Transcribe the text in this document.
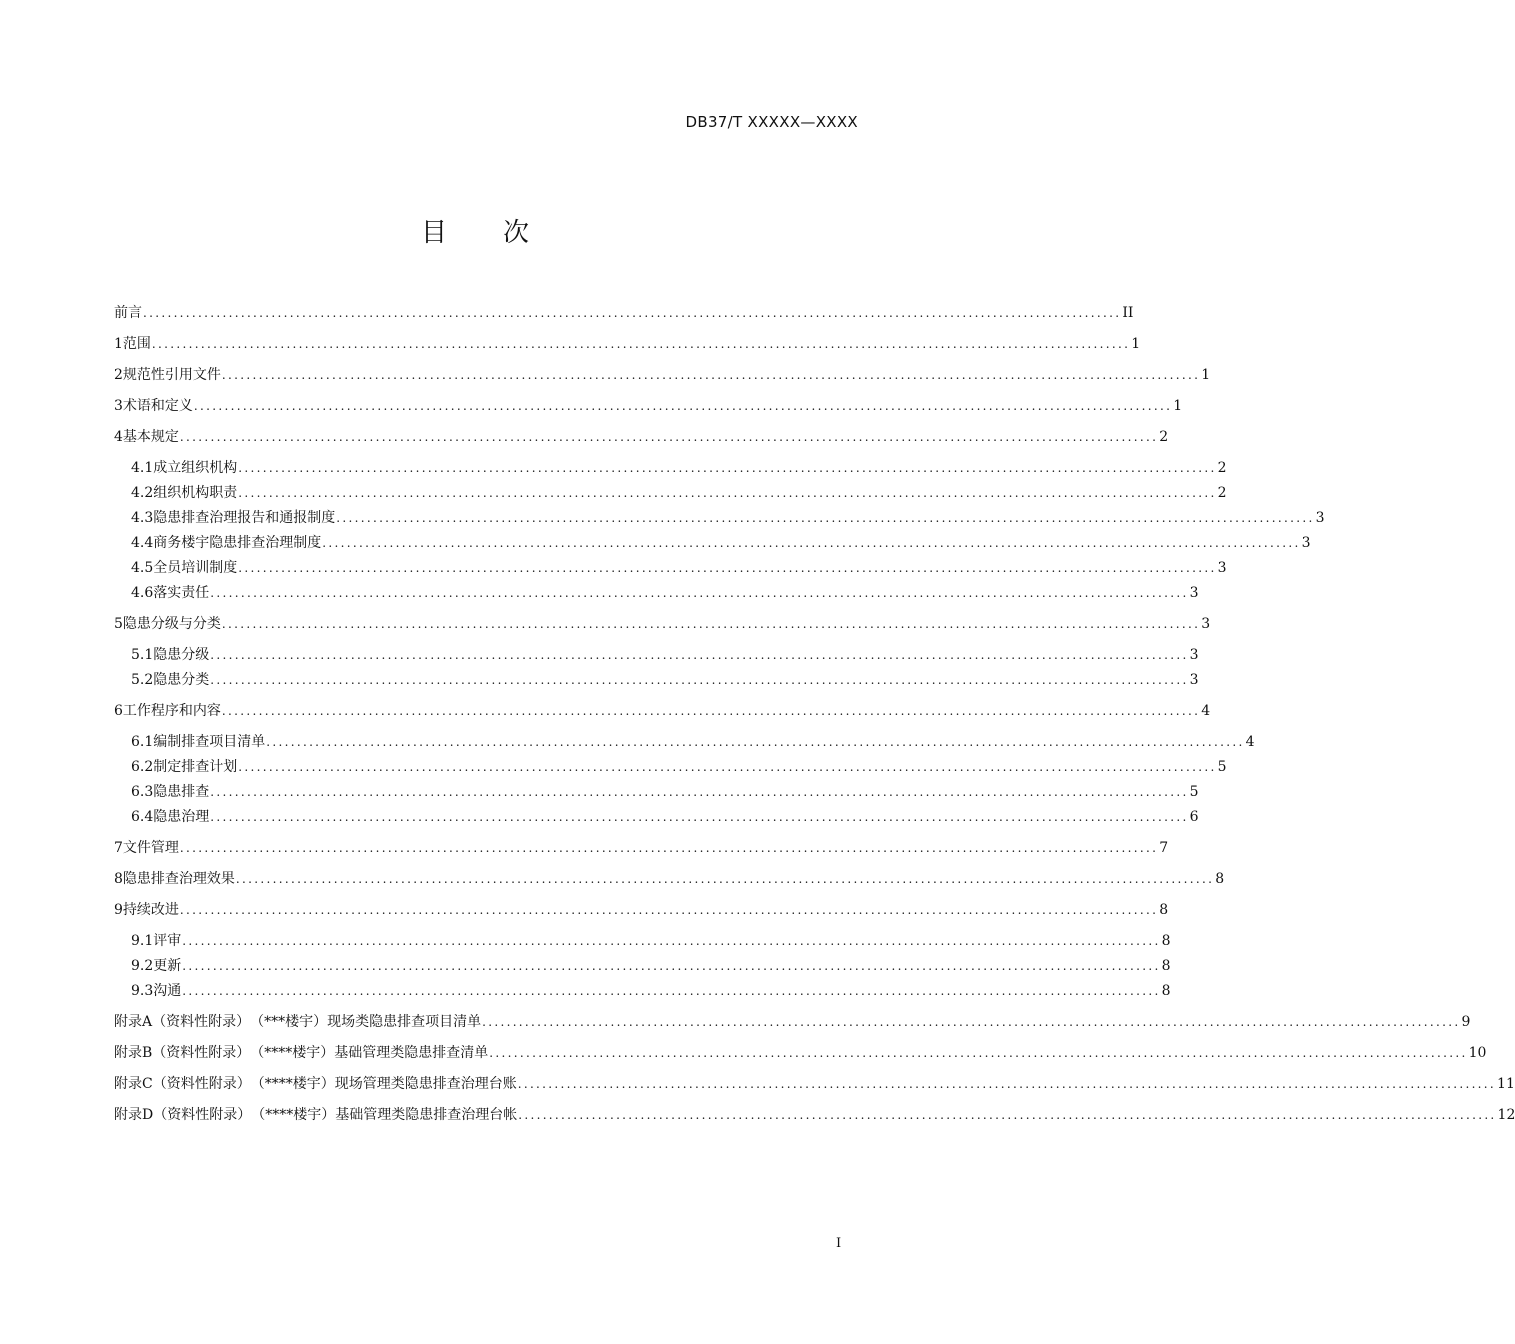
DB37/T XXXXX—XXXX
目 次
前言 ................................................................................................................................................................ II
1 范围 ................................................................................................................................................................ 1
2 规范性引用文件 ................................................................................................................................................................ 1
3 术语和定义 ................................................................................................................................................................ 1
4 基本规定 ................................................................................................................................................................ 2
4.1 成立组织机构 ................................................................................................................................................................ 2
4.2 组织机构职责 ................................................................................................................................................................ 2
4.3 隐患排查治理报告和通报制度 ................................................................................................................................................................ 3
4.4 商务楼宇隐患排查治理制度 ................................................................................................................................................................ 3
4.5 全员培训制度 ................................................................................................................................................................ 3
4.6 落实责任 ................................................................................................................................................................ 3
5 隐患分级与分类 ................................................................................................................................................................ 3
5.1 隐患分级 ................................................................................................................................................................ 3
5.2 隐患分类 ................................................................................................................................................................ 3
6 工作程序和内容 ................................................................................................................................................................ 4
6.1 编制排查项目清单 ................................................................................................................................................................ 4
6.2 制定排查计划 ................................................................................................................................................................ 5
6.3 隐患排查 ................................................................................................................................................................ 5
6.4 隐患治理 ................................................................................................................................................................ 6
7 文件管理 ................................................................................................................................................................ 7
8 隐患排查治理效果 ................................................................................................................................................................ 8
9 持续改进 ................................................................................................................................................................ 8
9.1 评审 ................................................................................................................................................................ 8
9.2 更新 ................................................................................................................................................................ 8
9.3 沟通 ................................................................................................................................................................ 8
附录A（资料性附录） （***楼宇）现场类隐患排查项目清单 ................................................................................................................................................................ 9
附录B（资料性附录） （****楼宇）基础管理类隐患排查清单 ................................................................................................................................................................ 10
附录C（资料性附录） （****楼宇）现场管理类隐患排查治理台账 ................................................................................................................................................................ 11
附录D（资料性附录） （****楼宇）基础管理类隐患排查治理台帐 ................................................................................................................................................................ 12
I
